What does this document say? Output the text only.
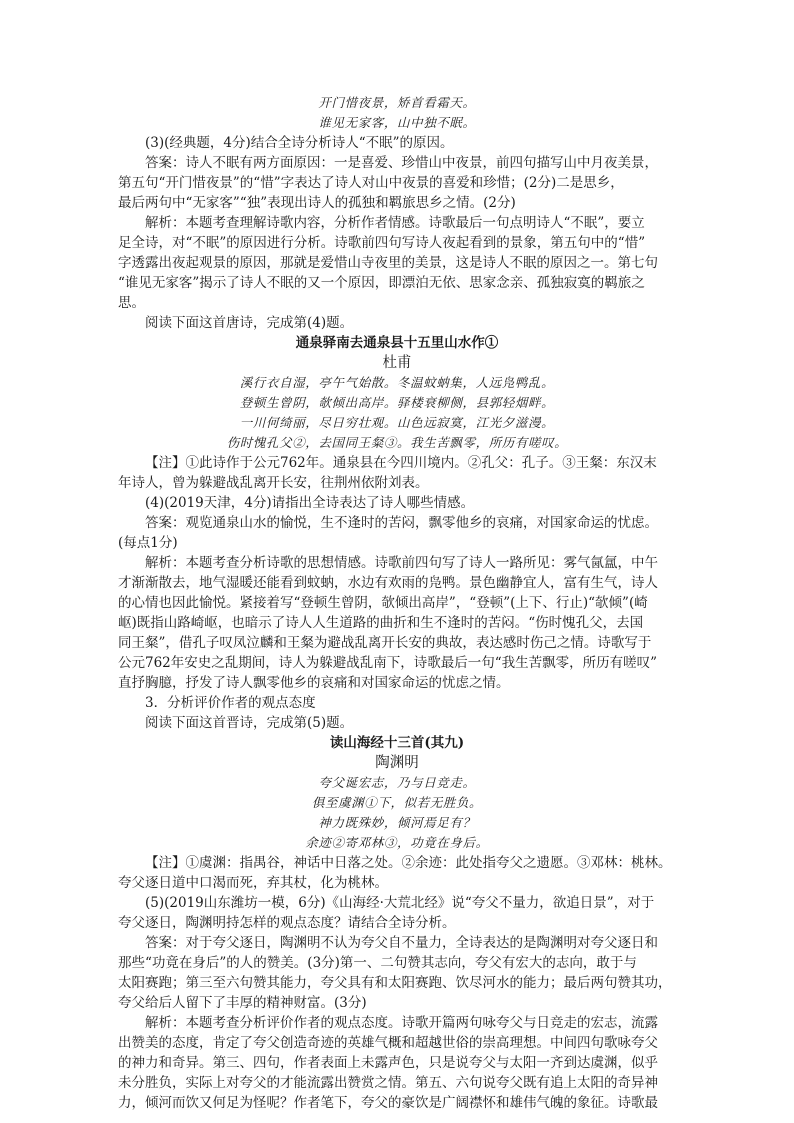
开门惜夜景，矫首看霜天。
谁见无家客，山中独不眠。
(3)(经典题，4分)结合全诗分析诗人“不眠”的原因。
答案：诗人不眠有两方面原因：一是喜爱、珍惜山中夜景，前四句描写山中月夜美景，
第五句“开门惜夜景”的“惜”字表达了诗人对山中夜景的喜爱和珍惜；(2分)二是思乡，
最后两句中“无家客”“独”表现出诗人的孤独和羁旅思乡之情。(2分)
解析：本题考查理解诗歌内容，分析作者情感。诗歌最后一句点明诗人“不眠”，要立
足全诗，对“不眠”的原因进行分析。诗歌前四句写诗人夜起看到的景象，第五句中的“惜”
字透露出夜起观景的原因，那就是爱惜山寺夜里的美景，这是诗人不眠的原因之一。第七句
“谁见无家客”揭示了诗人不眠的又一个原因，即漂泊无依、思家念亲、孤独寂寞的羁旅之
思。
阅读下面这首唐诗，完成第(4)题。
通泉驿南去通泉县十五里山水作①
杜甫
溪行衣自湿，亭午气始散。冬温蚊蚋集，人远凫鸭乱。
登顿生曾阴，欹倾出高岸。驿楼衰柳侧，县郭轻烟畔。
一川何绮丽，尽日穷壮观。山色远寂寞，江光夕滋漫。
伤时愧孔父②，去国同王粲③。我生苦飘零，所历有嗟叹。
【注】①此诗作于公元762年。通泉县在今四川境内。②孔父：孔子。③王粲：东汉末
年诗人，曾为躲避战乱离开长安，往荆州依附刘表。
(4)(2019天津，4分)请指出全诗表达了诗人哪些情感。
答案：观览通泉山水的愉悦，生不逢时的苦闷，飘零他乡的哀痛，对国家命运的忧虑。
(每点1分)
解析：本题考查分析诗歌的思想情感。诗歌前四句写了诗人一路所见：雾气氤氲，中午
才渐渐散去，地气湿暖还能看到蚊蚋，水边有欢雨的凫鸭。景色幽静宜人，富有生气，诗人
的心情也因此愉悦。紧接着写“登顿生曾阴，欹倾出高岸”，“登顿”(上下、行止)“欹倾”(崎
岖)既指山路崎岖，也暗示了诗人人生道路的曲折和生不逢时的苦闷。“伤时愧孔父，去国
同王粲”，借孔子叹凤泣麟和王粲为避战乱离开长安的典故，表达感时伤己之情。诗歌写于
公元762年安史之乱期间，诗人为躲避战乱南下，诗歌最后一句“我生苦飘零，所历有嗟叹”
直抒胸臆，抒发了诗人飘零他乡的哀痛和对国家命运的忧虑之情。
3．分析评价作者的观点态度
阅读下面这首晋诗，完成第(5)题。
读山海经十三首(其九)
陶渊明
夸父诞宏志，乃与日竞走。
俱至虞渊①下，似若无胜负。
神力既殊妙，倾河焉足有？
余迹②寄邓林③，功竟在身后。
【注】①虞渊：指禺谷，神话中日落之处。②余迹：此处指夸父之遗愿。③邓林：桃林。
夸父逐日道中口渴而死，弃其杖，化为桃林。
(5)(2019山东潍坊一模，6分)《山海经·大荒北经》说“夸父不量力，欲追日景”，对于
夸父逐日，陶渊明持怎样的观点态度？请结合全诗分析。
答案：对于夸父逐日，陶渊明不认为夸父自不量力，全诗表达的是陶渊明对夸父逐日和
那些“功竟在身后”的人的赞美。(3分)第一、二句赞其志向，夸父有宏大的志向，敢于与
太阳赛跑；第三至六句赞其能力，夸父具有和太阳赛跑、饮尽河水的能力；最后两句赞其功，
夸父给后人留下了丰厚的精神财富。(3分)
解析：本题考查分析评价作者的观点态度。诗歌开篇两句咏夸父与日竞走的宏志，流露
出赞美的态度，肯定了夸父创造奇迹的英雄气概和超越世俗的崇高理想。中间四句歌咏夸父
的神力和奇异。第三、四句，作者表面上未露声色，只是说夸父与太阳一齐到达虞渊，似乎
未分胜负，实际上对夸父的才能流露出赞赏之情。第五、六句说夸父既有追上太阳的奇异神
力，倾河而饮又何足为怪呢？作者笔下，夸父的豪饮是广阔襟怀和雄伟气魄的象征。诗歌最
